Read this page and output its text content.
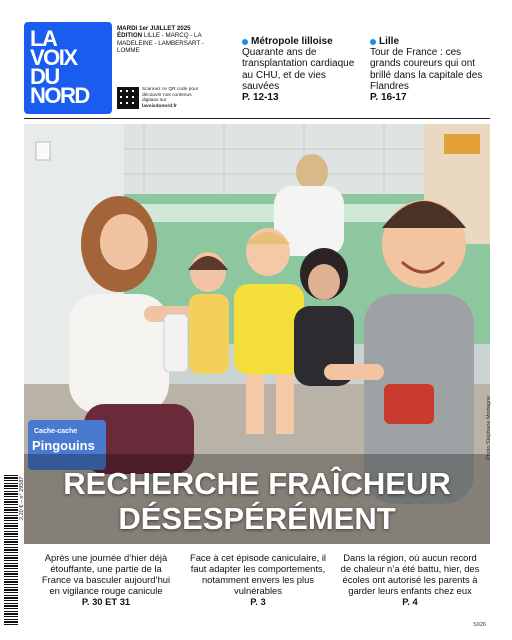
LA
VOIX
DU
NORD
MARDI 1er JUILLET 2025
ÉDITION LILLE - MARCQ - LA MADELEINE - LAMBERSART - LOMME
Scannez ce QR code pour découvrir nos contenus digitaux sur lavoixdunord.fr
Métropole lilloise
Quarante ans de transplantation cardiaque au CHU, et de vies sauvées
P. 12-13
Lille
Tour de France : ces grands coureurs qui ont brillé dans la capitale des Flandres
P. 16-17
Cache-cache
Pingouins
RECHERCHE FRAÎCHEUR
DÉSESPÉRÉMENT
Photo Stéphane Mortagne
2,20 € – n° 29587
Après une journée d’hier déjà étouffante, une partie de la France va basculer aujourd’hui en vigilance rouge canicule
P. 30 ET 31
Face à cet épisode caniculaire, il faut adapter les comportements, notamment envers les plus vulnérables
P. 3
Dans la région, où aucun record de chaleur n’a été battu, hier, des écoles ont autorisé les parents à garder leurs enfants chez eux
P. 4
S926
